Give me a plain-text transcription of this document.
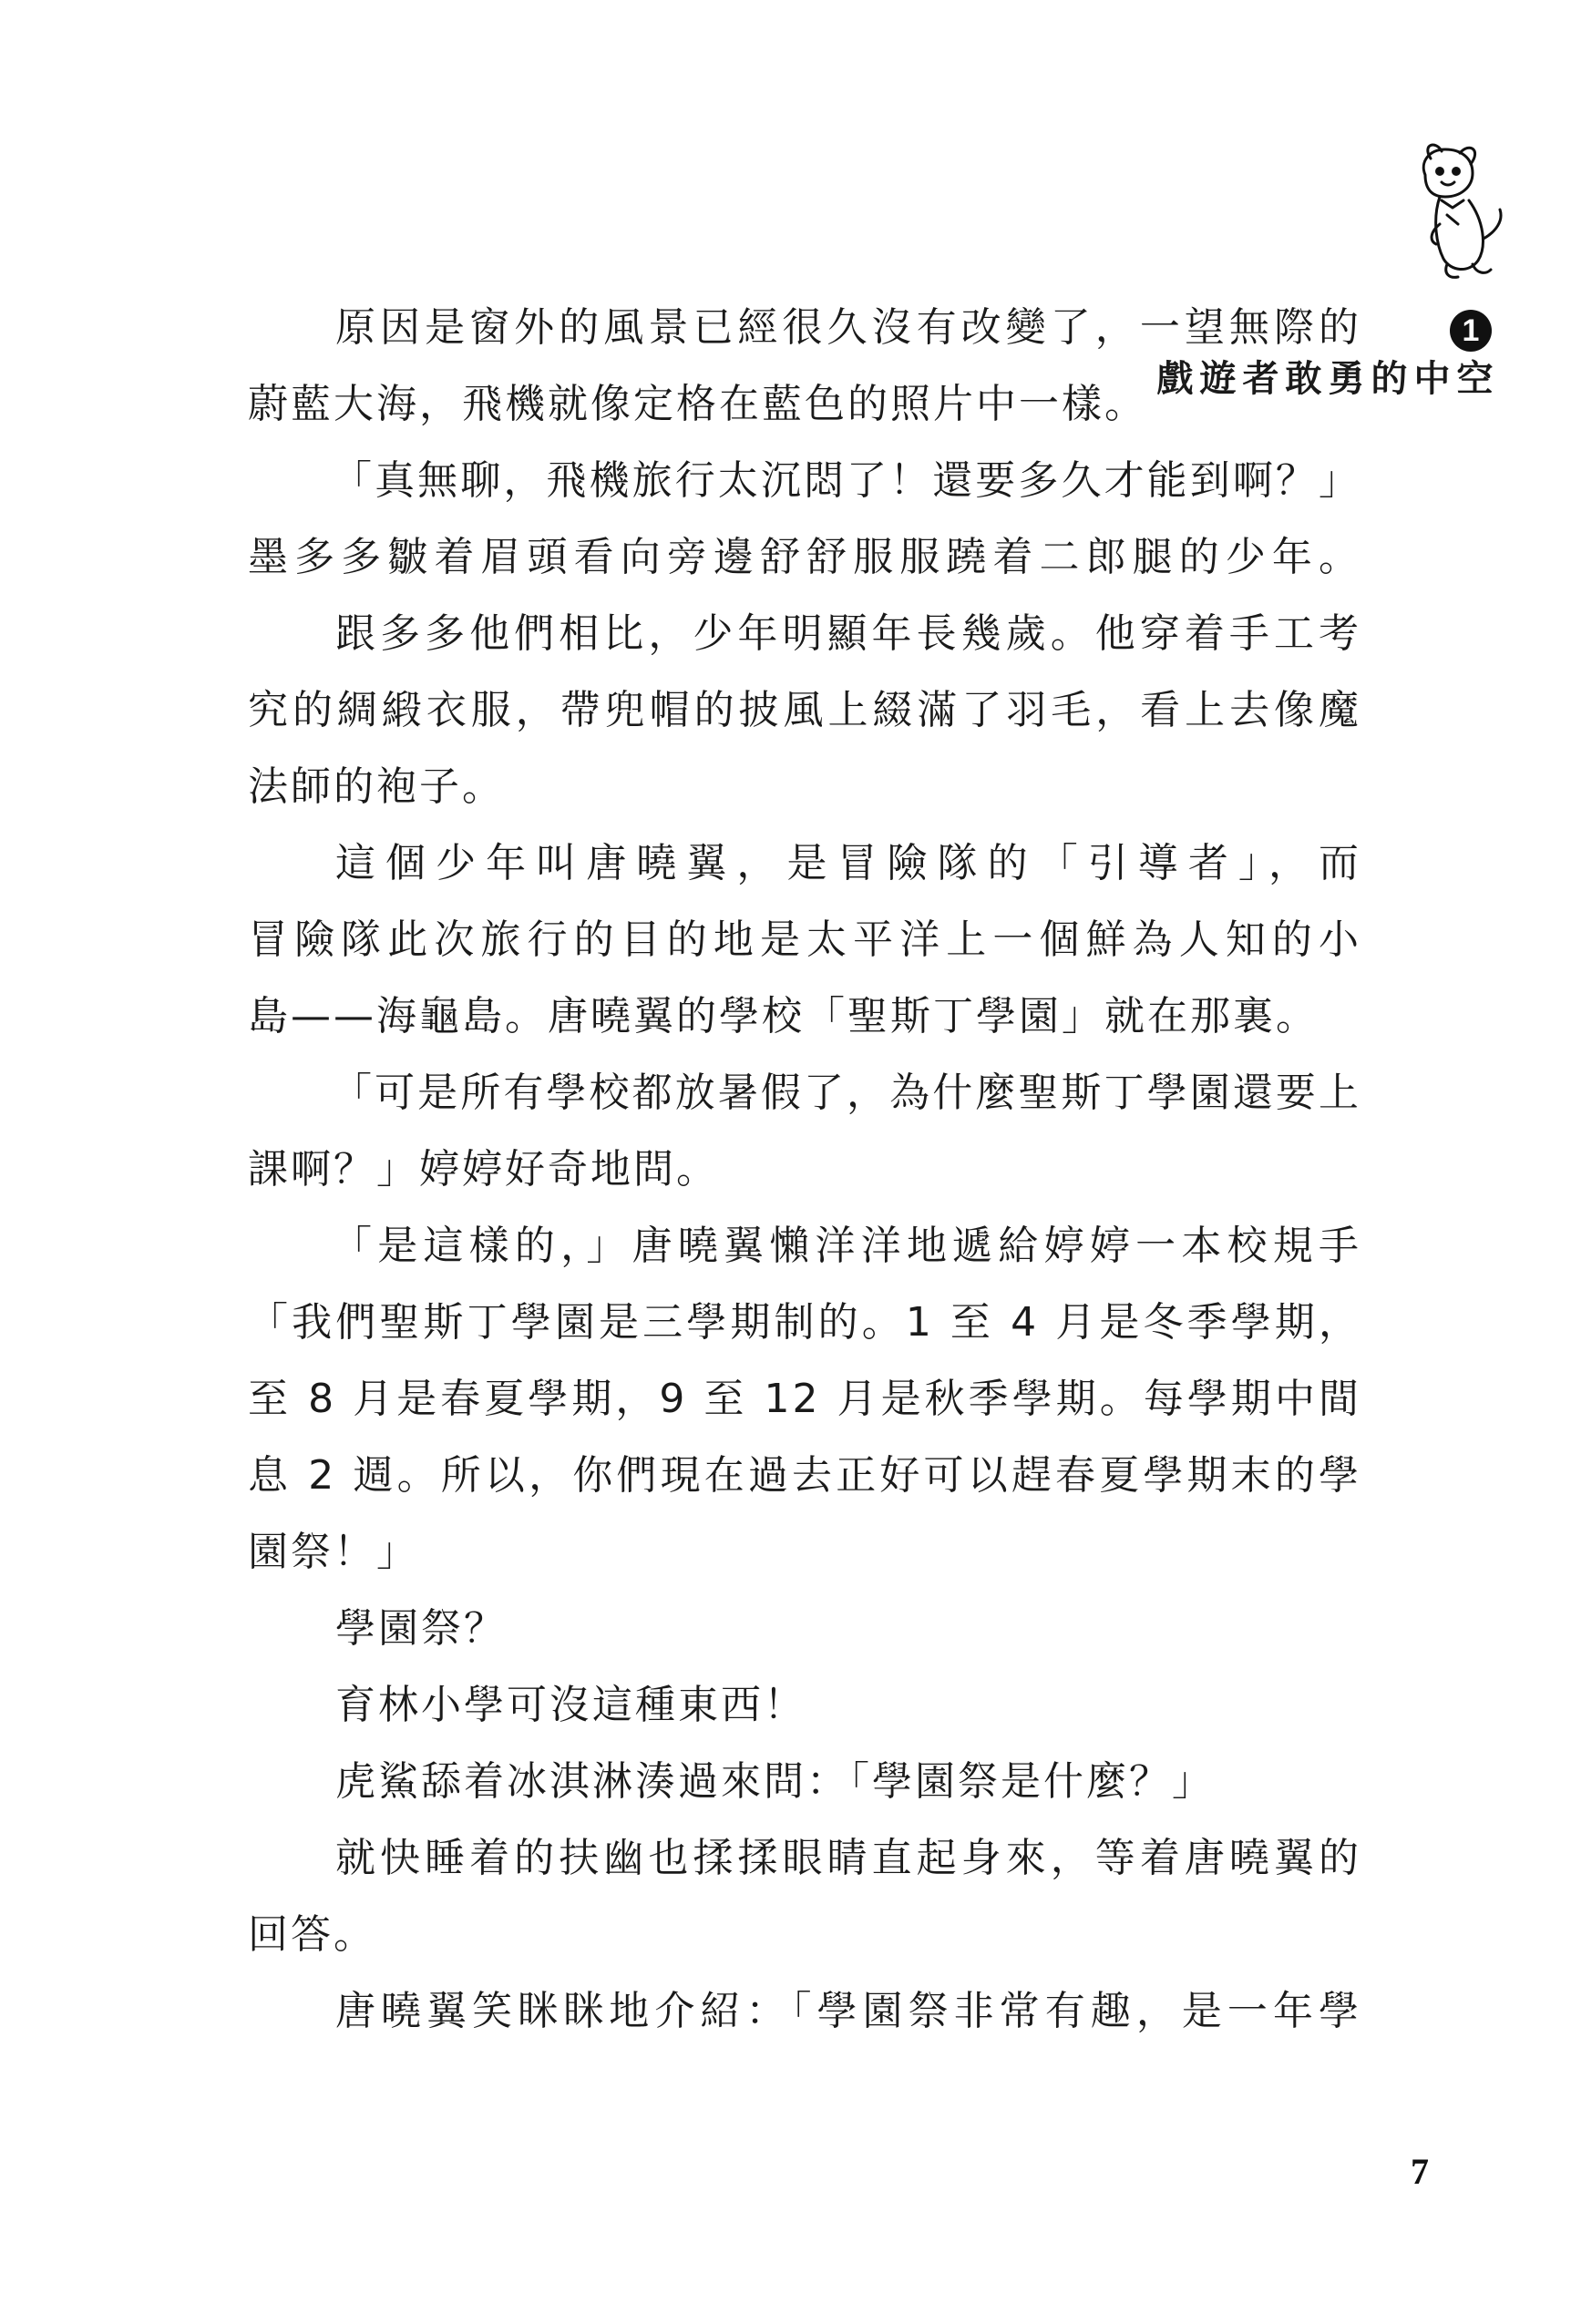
原因是窗外的風景已經很久沒有改變了，一望無際的
蔚藍大海，飛機就像定格在藍色的照片中一樣。
「真無聊，飛機旅行太沉悶了！還要多久才能到啊？」
墨多多皺着眉頭看向旁邊舒舒服服蹺着二郎腿的少年。
跟多多他們相比，少年明顯年長幾歲。他穿着手工考
究的綢緞衣服，帶兜帽的披風上綴滿了羽毛，看上去像魔
法師的袍子。
這個少年叫唐曉翼，是冒險隊的「引導者」，而
冒險隊此次旅行的目的地是太平洋上一個鮮為人知的小
島——海龜島。唐曉翼的學校「聖斯丁學園」就在那裏。
「可是所有學校都放暑假了，為什麼聖斯丁學園還要上
課啊？」婷婷好奇地問。
「是這樣的，」唐曉翼懶洋洋地遞給婷婷一本校規手
「我們聖斯丁學園是三學期制的。1 至 4 月是冬季學期，
至 8 月是春夏學期，9 至 12 月是秋季學期。每學期中間
息 2 週。所以，你們現在過去正好可以趕春夏學期末的學
園祭！」
學園祭？
育林小學可沒這種東西！
虎鯊舔着冰淇淋湊過來問：「學園祭是什麼？」
就快睡着的扶幽也揉揉眼睛直起身來，等着唐曉翼的
回答。
唐曉翼笑眯眯地介紹：「學園祭非常有趣，是一年學
1
空中的勇敢者遊戲
7
